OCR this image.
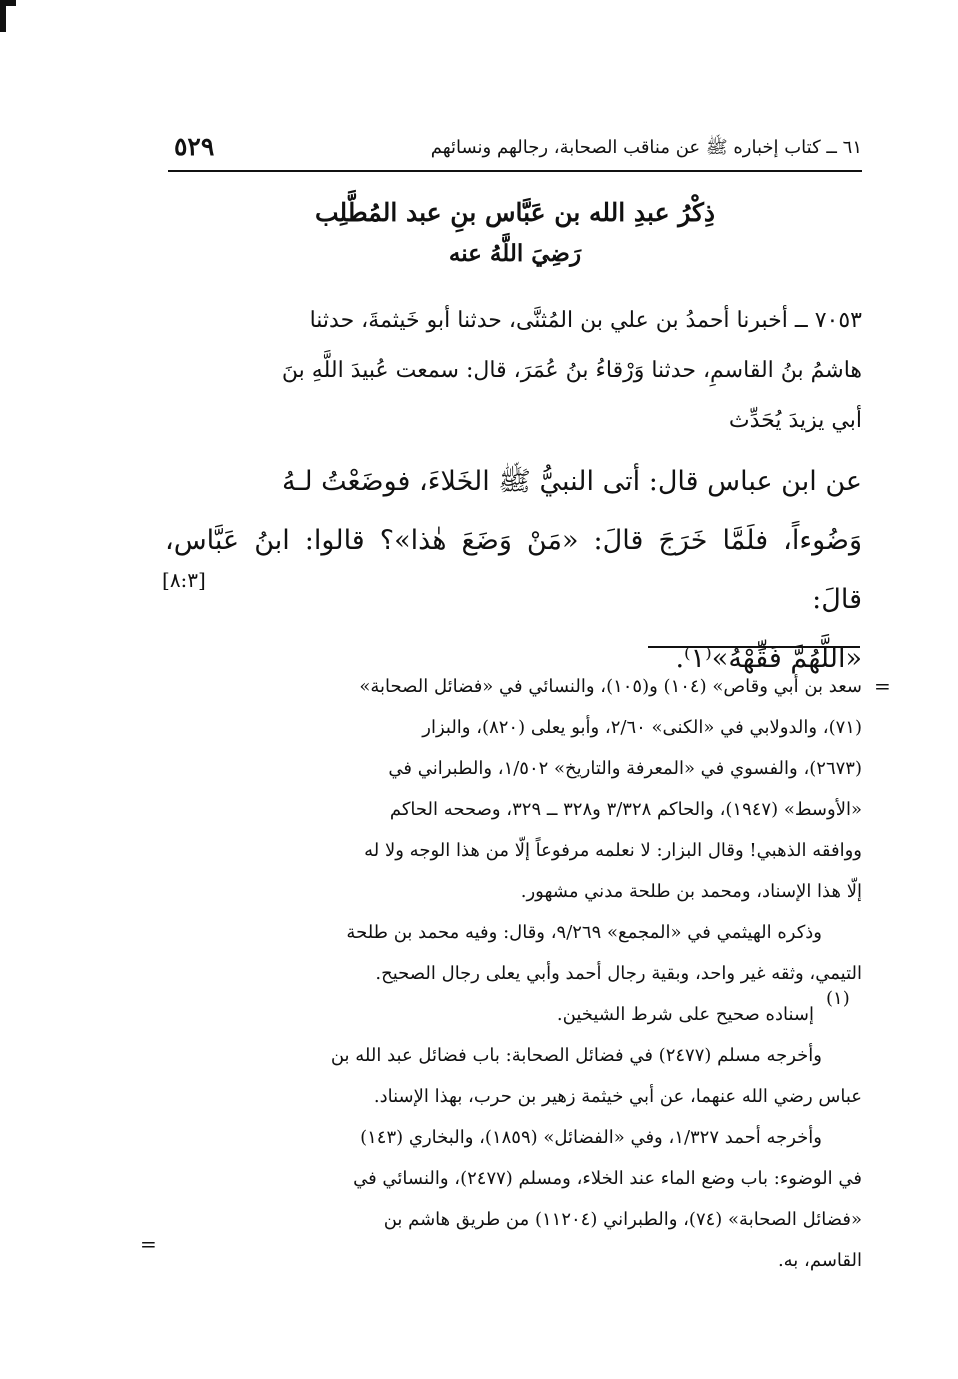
٥٢٩	٦١ ــ كتاب إخباره ﷺ عن مناقب الصحابة، رجالهم ونسائهم
ذِكْرُ عبدِ الله بن عَبَّاس بنِ عبد المُطَّلِب
رَضِيَ اللَّهُ عنه

٧٠٥٣ ــ أخبرنا أحمدُ بن علي بن المُثنَّى، حدثنا أبو خَيثمةَ، حدثنا

هاشمُ بنُ القاسمِ، حدثنا وَرْقاءُ بنُ عُمَرَ، قال: سمعت عُبيدَ اللَّهِ بنَ

أبي يزيدَ يُحَدِّث

عن ابن عباس قال: أتى النبيُّ ﷺ الخَلاءَ، فوضَعْتُ لـهُ

وَضُوءاً، فلَمَّا خَرَجَ قالَ: «مَنْ وَضَعَ هٰذا»؟ قالوا: ابنُ عَبَّاس، قالَ:

«اللَّهُمَّ فَقِّهْهُ»⁽١⁾.

[٨:٣]
=
=
(١)

سعد بن أبي وقاص» (١٠٤) و(١٠٥)، والنسائي في «فضائل الصحابة»

(٧١)، والدولابي في «الكنى» ٢/٦٠، وأبو يعلى (٨٢٠)، والبزار

(٢٦٧٣)، والفسوي في «المعرفة والتاريخ» ١/٥٠٢، والطبراني في

«الأوسط» (١٩٤٧)، والحاكم ٣/٣٢٨ و٣٢٨ ــ ٣٢٩، وصححه الحاكم

ووافقه الذهبي! وقال البزار: لا نعلمه مرفوعاً إلّا من هذا الوجه ولا له

إلّا هذا الإسناد، ومحمد بن طلحة مدني مشهور.

وذكره الهيثمي في «المجمع» ٩/٢٦٩، وقال: وفيه محمد بن طلحة

التيمي، وثقه غير واحد، وبقية رجال أحمد وأبي يعلى رجال الصحيح.

إسناده صحيح على شرط الشيخين.

وأخرجه مسلم (٢٤٧٧) في فضائل الصحابة: باب فضائل عبد الله بن

عباس رضي الله عنهما، عن أبي خيثمة زهير بن حرب، بهذا الإسناد.

وأخرجه أحمد ١/٣٢٧، وفي «الفضائل» (١٨٥٩)، والبخاري (١٤٣)

في الوضوء: باب وضع الماء عند الخلاء، ومسلم (٢٤٧٧)، والنسائي في

«فضائل الصحابة» (٧٤)، والطبراني (١١٢٠٤) من طريق هاشم بن

القاسم، به.
